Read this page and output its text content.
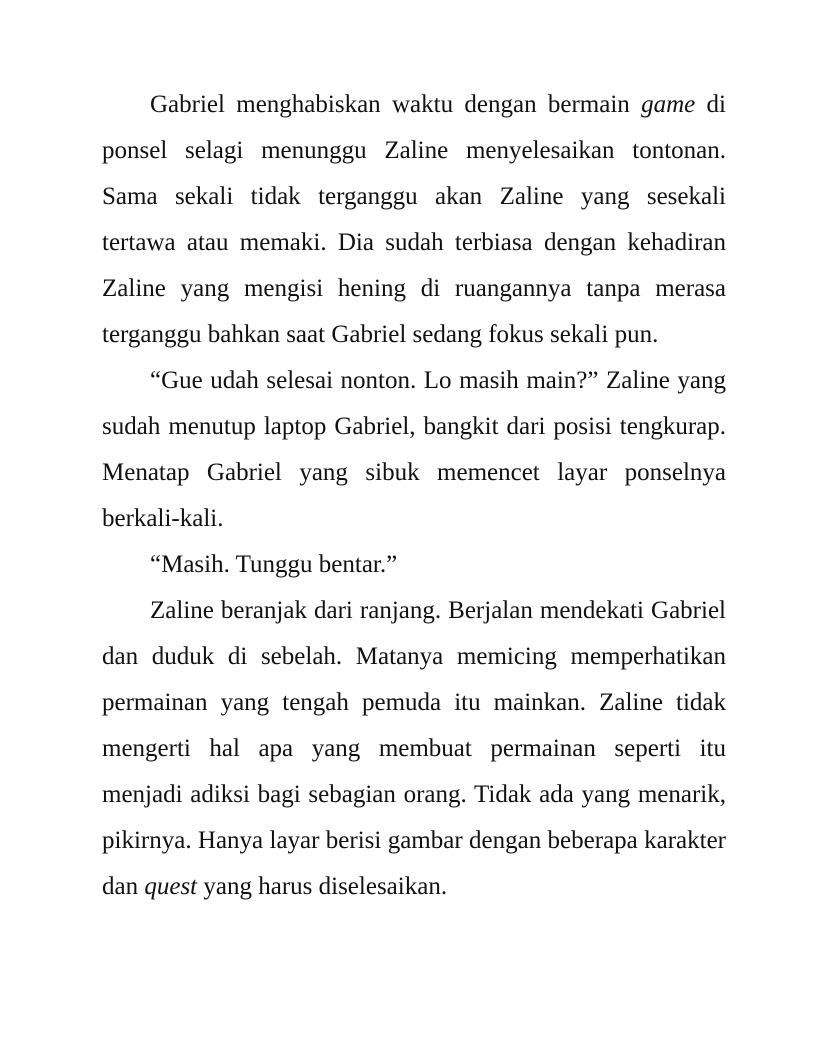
Gabriel menghabiskan waktu dengan bermain game di ponsel selagi menunggu Zaline menyelesaikan tontonan. Sama sekali tidak terganggu akan Zaline yang sesekali tertawa atau memaki. Dia sudah terbiasa dengan kehadiran Zaline yang mengisi hening di ruangannya tanpa merasa terganggu bahkan saat Gabriel sedang fokus sekali pun.

“Gue udah selesai nonton. Lo masih main?” Zaline yang sudah menutup laptop Gabriel, bangkit dari posisi tengkurap. Menatap Gabriel yang sibuk memencet layar ponselnya berkali-kali.

“Masih. Tunggu bentar.”

Zaline beranjak dari ranjang. Berjalan mendekati Gabriel dan duduk di sebelah. Matanya memicing memperhatikan permainan yang tengah pemuda itu mainkan. Zaline tidak mengerti hal apa yang membuat permainan seperti itu menjadi adiksi bagi sebagian orang. Tidak ada yang menarik, pikirnya. Hanya layar berisi gambar dengan beberapa karakter dan quest yang harus diselesaikan.
